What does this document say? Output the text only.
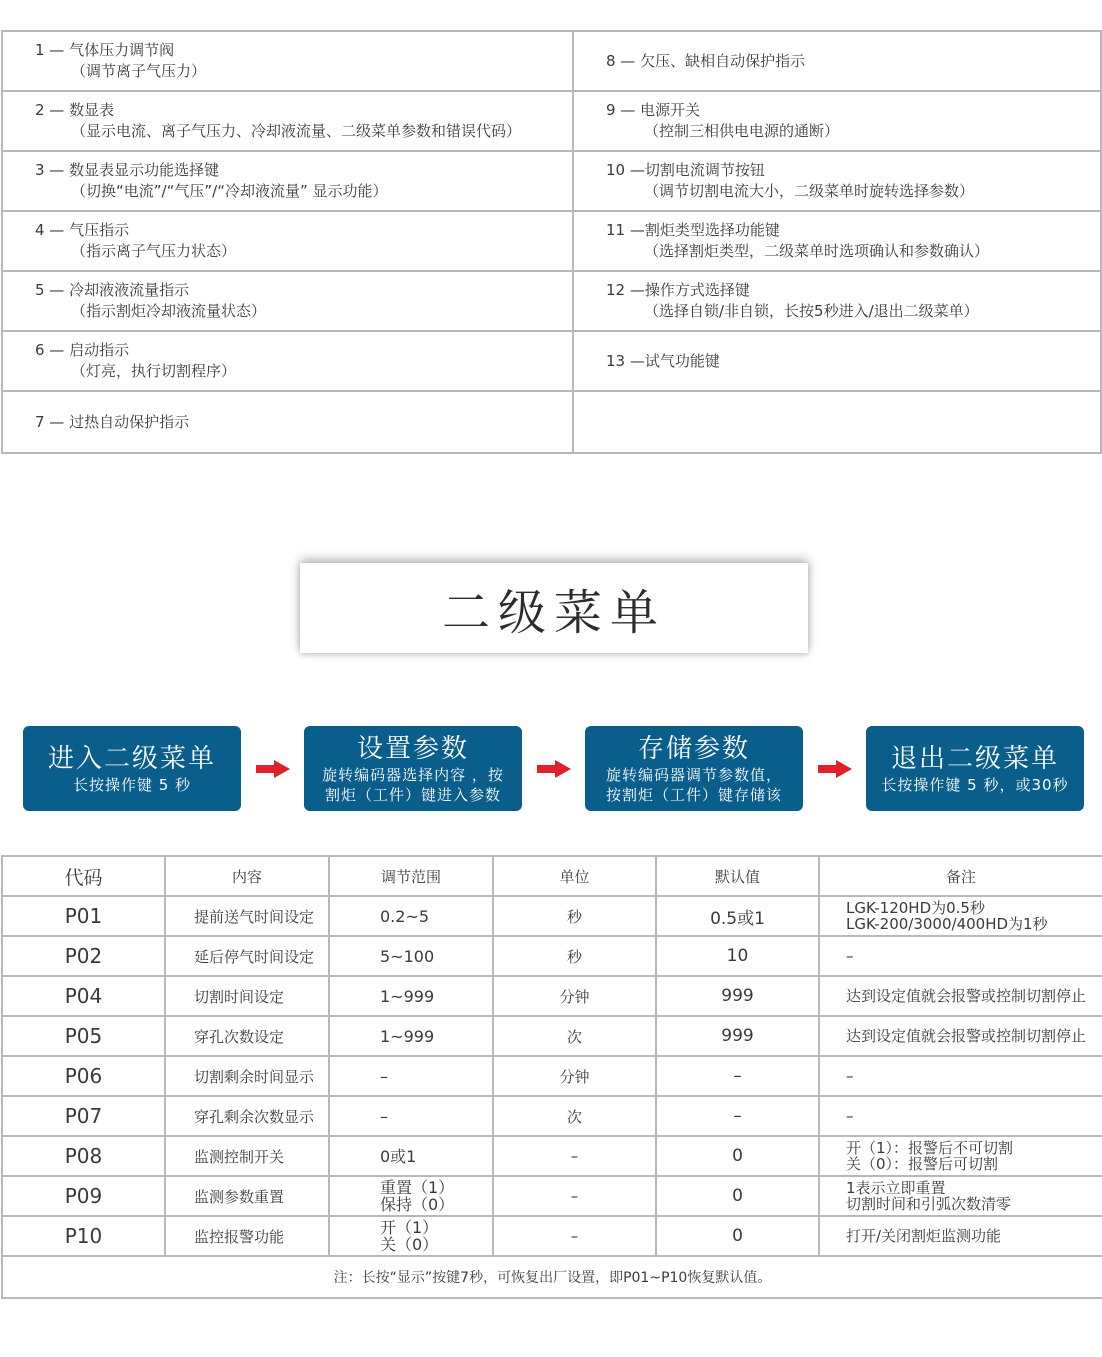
1 — 气体压力调节阀
（调节离子气压力）
8 — 欠压、缺相自动保护指示
2 — 数显表
（显示电流、离子气压力、冷却液流量、二级菜单参数和错误代码）
9 — 电源开关
（控制三相供电电源的通断）
3 — 数显表显示功能选择键
（切换“电流”/“气压”/“冷却液流量” 显示功能）
10 —切割电流调节按钮
（调节切割电流大小，二级菜单时旋转选择参数）
4 — 气压指示
（指示离子气压力状态）
11 —割炬类型选择功能键
（选择割炬类型，二级菜单时选项确认和参数确认）
5 — 冷却液液流量指示
（指示割炬冷却液流量状态）
12 —操作方式选择键
（选择自锁/非自锁，长按5秒进入/退出二级菜单）
6 — 启动指示
（灯亮，执行切割程序）
13 —试气功能键
7 — 过热自动保护指示
二级菜单
进入二级菜单
长按操作键 5 秒
设置参数
旋转编码器选择内容 ，按
割炬（工件）键进入参数
存储参数
旋转编码器调节参数值，
按割炬（工件）键存储该
退出二级菜单
长按操作键 5 秒，或30秒
代码	内容	调节范围	单位	默认值	备注
P01	提前送气时间设定	0.2~5	秒	0.5或1	LGK-120HD为0.5秒
LGK-200/3000/400HD为1秒

P02	延后停气时间设定	5~100	秒	10	–

P04	切割时间设定	1~999	分钟	999	达到设定值就会报警或控制切割停止

P05	穿孔次数设定	1~999	次	999	达到设定值就会报警或控制切割停止

P06	切割剩余时间显示	–	分钟	–	–

P07	穿孔剩余次数显示	–	次	–	–

P08	监测控制开关	0或1	–	0	开（1）：报警后不可切割
关（0）：报警后可切割

P09	监测参数重置	重置（1）
保持（0）	–	0	1表示立即重置
切割时间和引弧次数清零

P10	监控报警功能	开（1）
关（0）	–	0	打开/关闭割炬监测功能

注：长按“显示”按键7秒，可恢复出厂设置，即P01~P10恢复默认值。					
